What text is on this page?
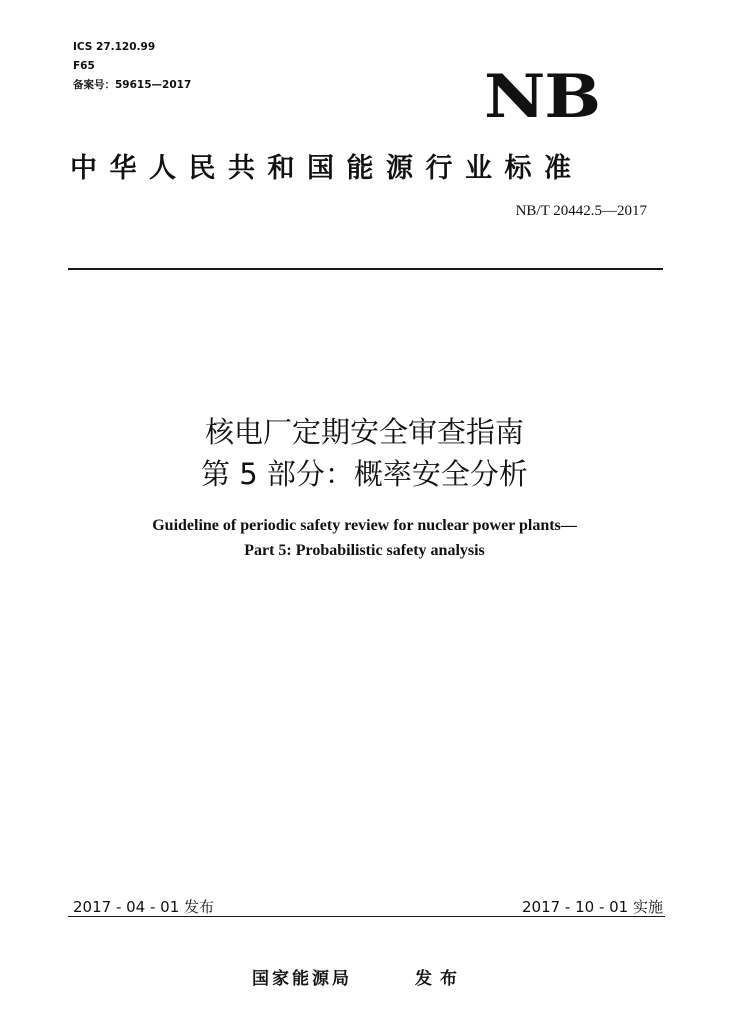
ICS 27.120.99
F65
备案号：59615—2017	NB
中华人民共和国能源行业标准
NB/T 20442.5—2017
核电厂定期安全审查指南
第 5 部分：概率安全分析
Guideline of periodic safety review for nuclear power plants—
Part 5: Probabilistic safety analysis
2017 - 04 - 01 发布	2017 - 10 - 01 实施
国家能源局	发布
